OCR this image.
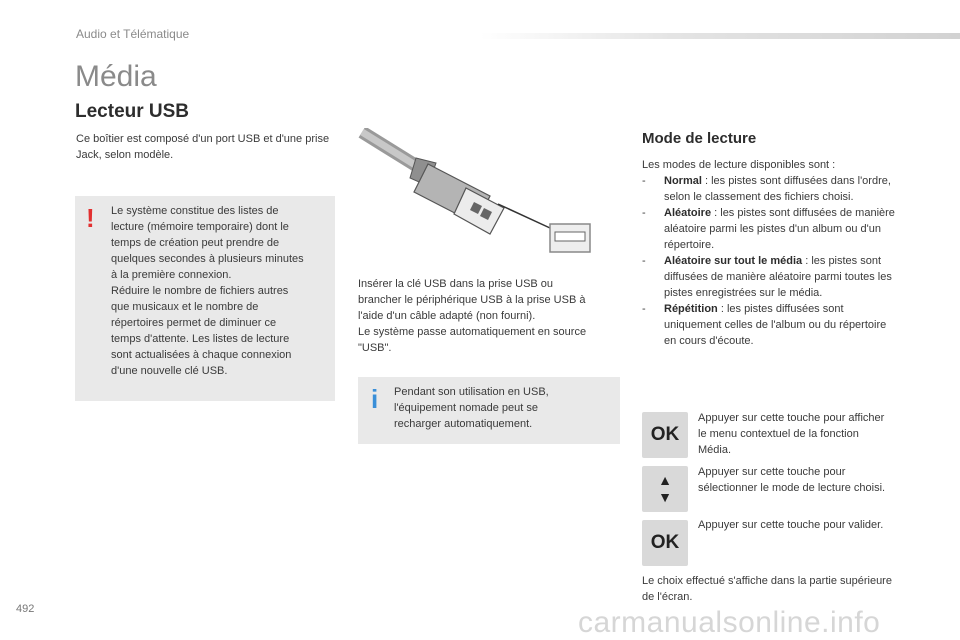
Audio et Télématique
Média
Lecteur USB
Ce boîtier est composé d'un port USB et d'une prise Jack, selon modèle.
! Le système constitue des listes de
lecture (mémoire temporaire) dont le
temps de création peut prendre de
quelques secondes à plusieurs minutes
à la première connexion.
Réduire le nombre de fichiers autres
que musicaux et le nombre de
répertoires permet de diminuer ce
temps d'attente. Les listes de lecture
sont actualisées à chaque connexion
d'une nouvelle clé USB.
Insérer la clé USB dans la prise USB ou
brancher le périphérique USB à la prise USB à
l'aide d'un câble adapté (non fourni).
Le système passe automatiquement en source
"USB".
i Pendant son utilisation en USB,
l'équipement nomade peut se
recharger automatiquement.
Mode de lecture
Les modes de lecture disponibles sont :
- Normal : les pistes sont diffusées dans l'ordre, selon le classement des fichiers choisi.
- Aléatoire : les pistes sont diffusées de manière aléatoire parmi les pistes d'un album ou d'un répertoire.
- Aléatoire sur tout le média : les pistes sont diffusées de manière aléatoire parmi toutes les pistes enregistrées sur le média.
- Répétition : les pistes diffusées sont uniquement celles de l'album ou du répertoire en cours d'écoute.
OK
Appuyer sur cette touche pour afficher le menu contextuel de la fonction Média.
▲
▼
Appuyer sur cette touche pour sélectionner le mode de lecture choisi.
OK
Appuyer sur cette touche pour valider.
Le choix effectué s'affiche dans la partie supérieure de l'écran.
492	carmanualsonline.info
